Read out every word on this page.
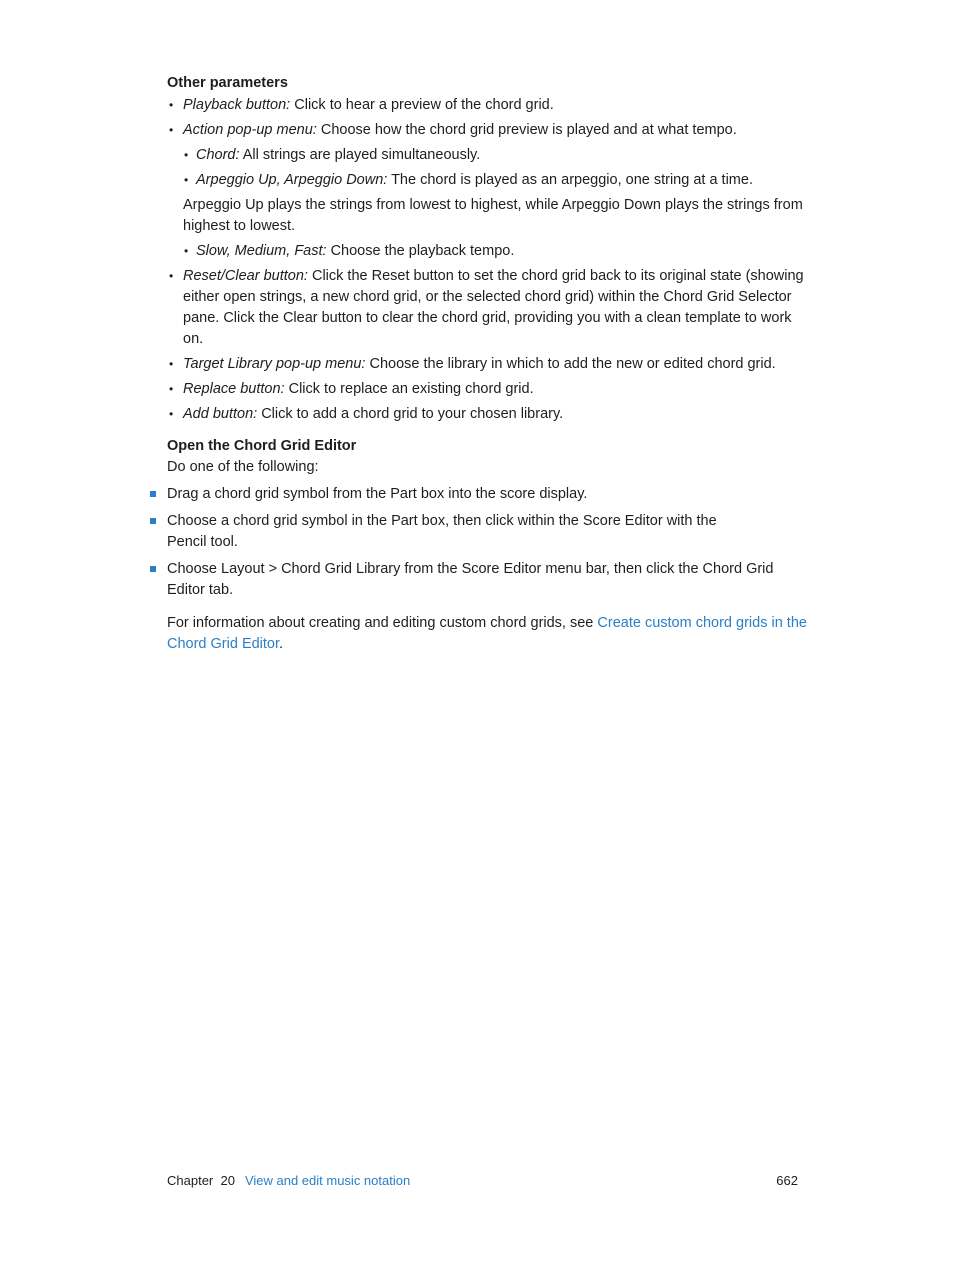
Other parameters

• Playback button: Click to hear a preview of the chord grid.
• Action pop-up menu: Choose how the chord grid preview is played and at what tempo.
• Chord: All strings are played simultaneously.
• Arpeggio Up, Arpeggio Down: The chord is played as an arpeggio, one string at a time.
Arpeggio Up plays the strings from lowest to highest, while Arpeggio Down plays the strings from highest to lowest.
• Slow, Medium, Fast: Choose the playback tempo.
• Reset/Clear button: Click the Reset button to set the chord grid back to its original state (showing either open strings, a new chord grid, or the selected chord grid) within the Chord Grid Selector pane. Click the Clear button to clear the chord grid, providing you with a clean template to work on.
• Target Library pop-up menu: Choose the library in which to add the new or edited chord grid.
• Replace button: Click to replace an existing chord grid.
• Add button: Click to add a chord grid to your chosen library.

Open the Chord Grid Editor

Do one of the following:

Drag a chord grid symbol from the Part box into the score display.
Choose a chord grid symbol in the Part box, then click within the Score Editor with the Pencil tool.
Choose Layout > Chord Grid Library from the Score Editor menu bar, then click the Chord Grid Editor tab.

For information about creating and editing custom chord grids, see Create custom chord grids in the Chord Grid Editor.

Chapter  20 View and edit music notation	662
